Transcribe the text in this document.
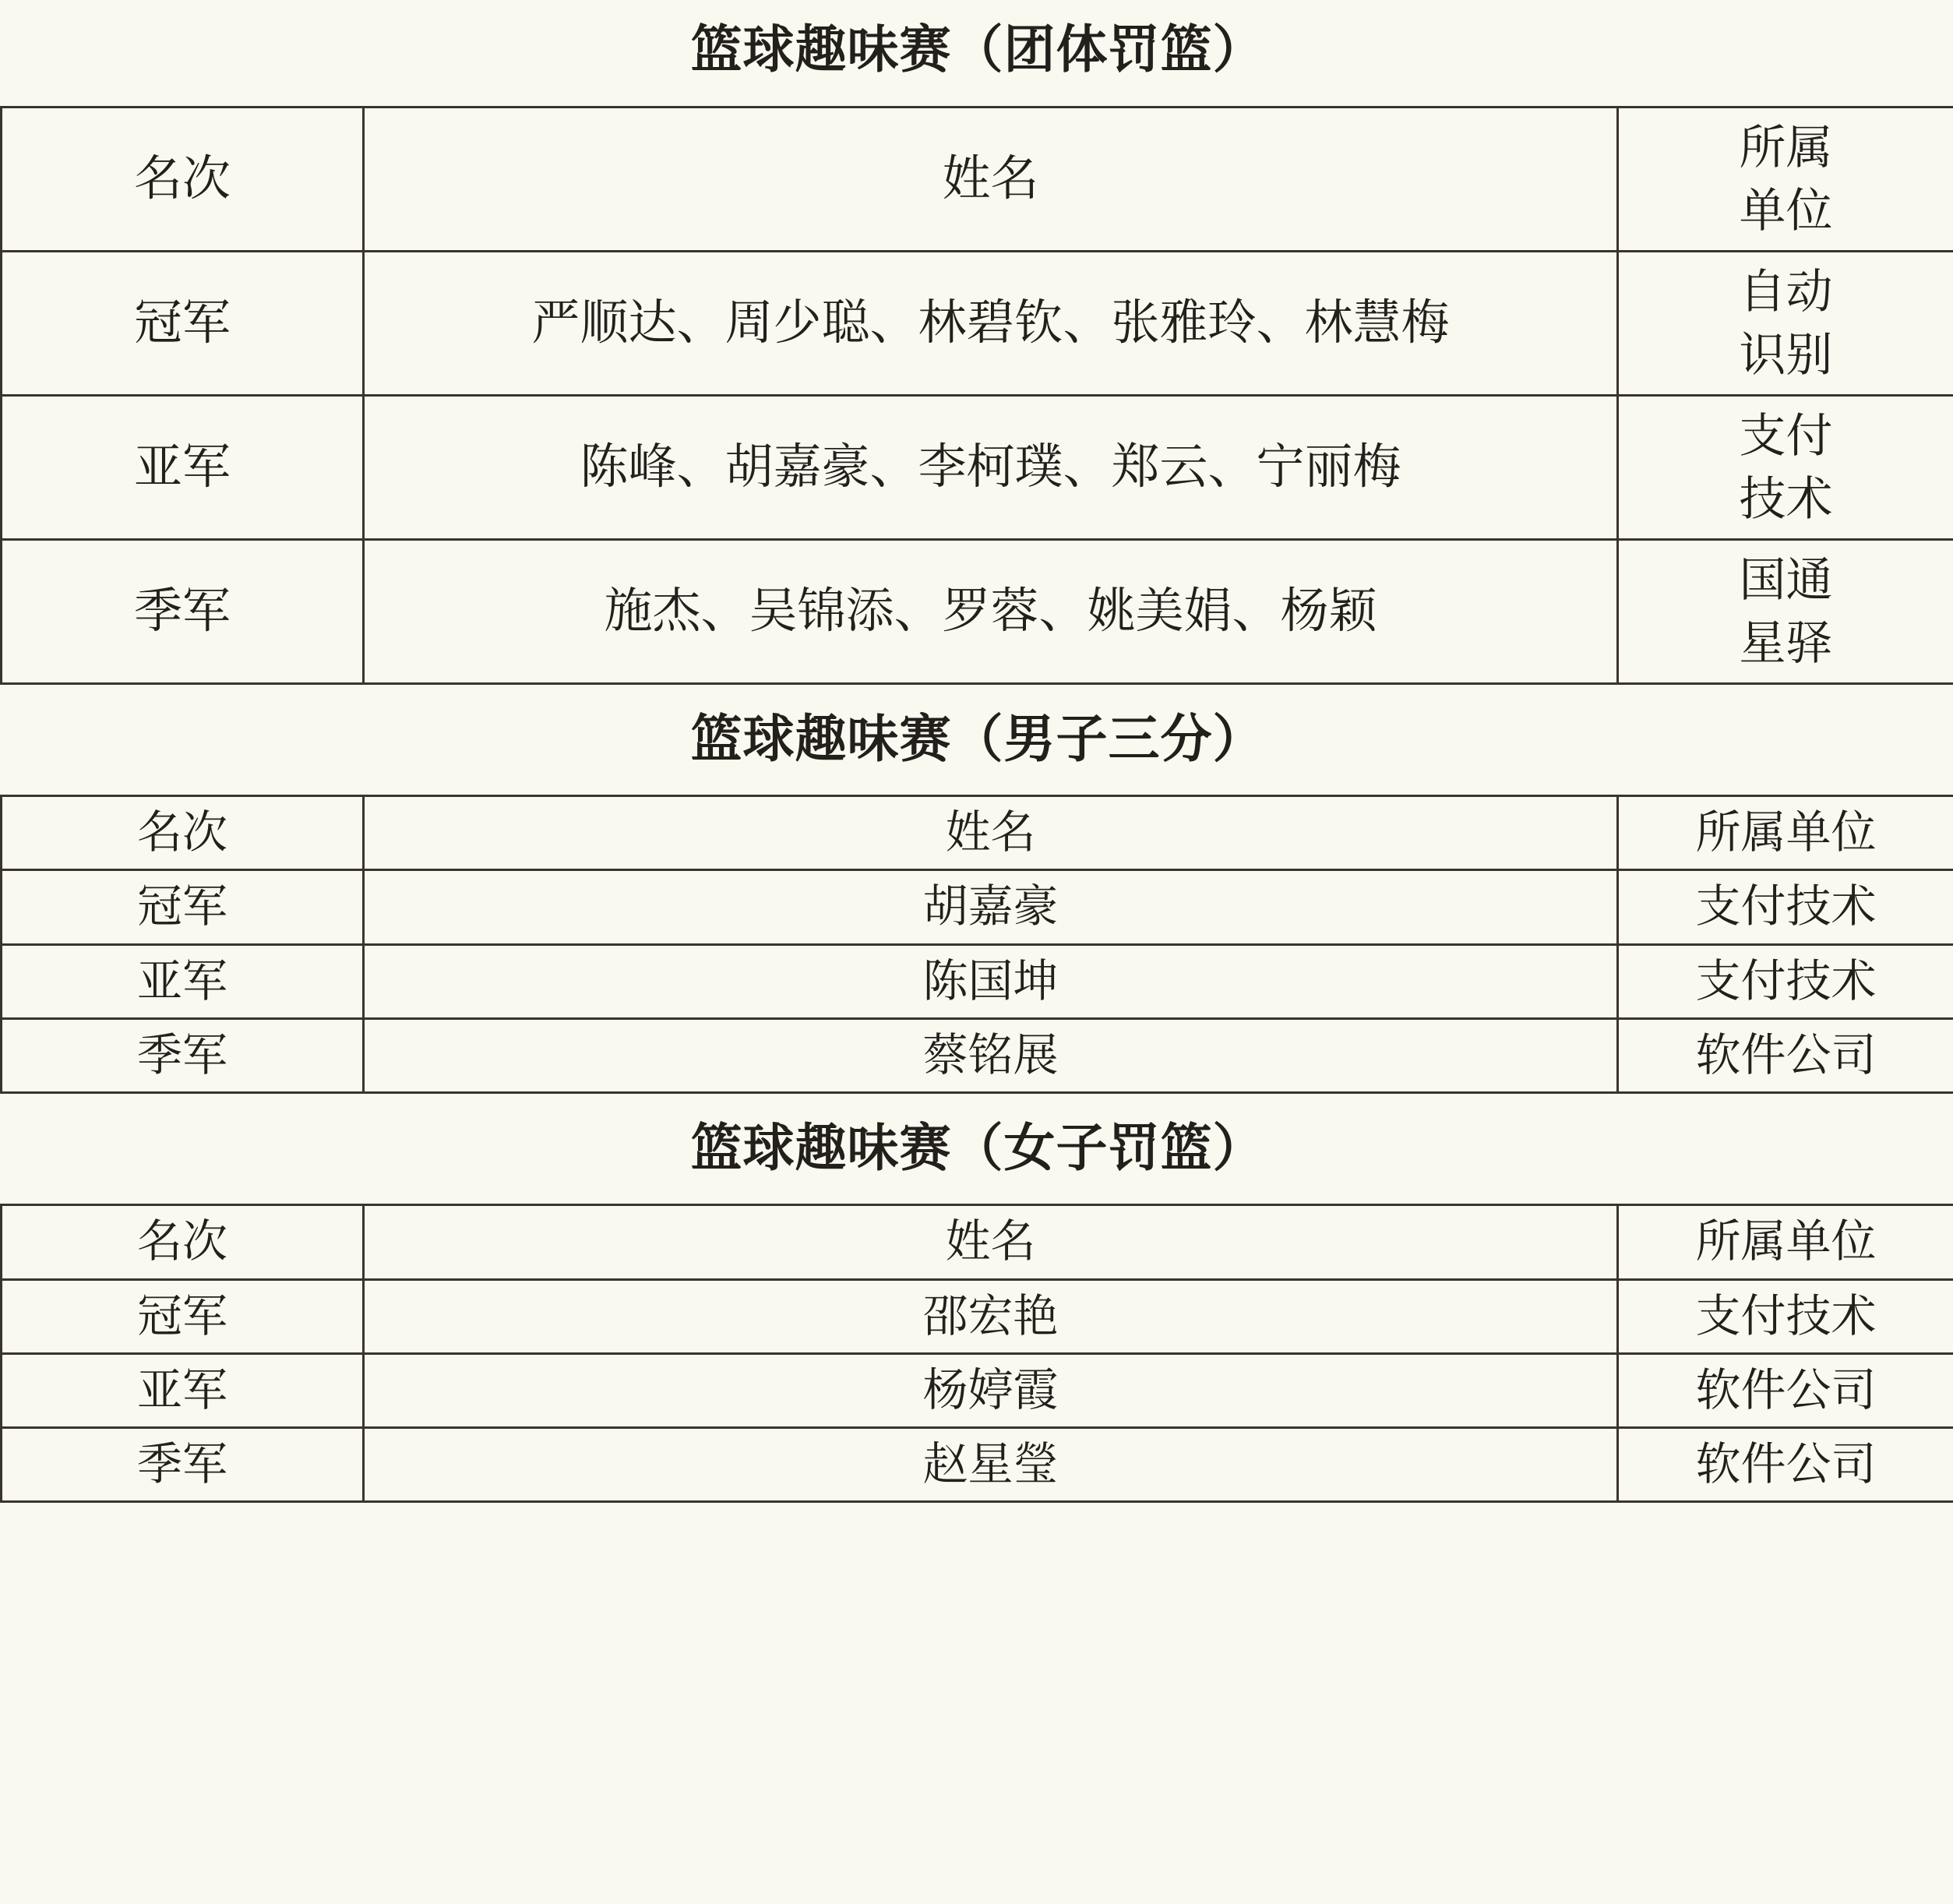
篮球趣味赛（团体罚篮）		
名次	姓名	所属
单位

冠军	严顺达、周少聪、林碧钦、张雅玲、林慧梅	自动
识别

亚军	陈峰、胡嘉豪、李柯璞、郑云、宁丽梅	支付
技术

季军	施杰、吴锦添、罗蓉、姚美娟、杨颖	国通
星驿

篮球趣味赛（男子三分）		
名次	姓名	所属单位
冠军	胡嘉豪	支付技术
亚军	陈国坤	支付技术
季军	蔡铭展	软件公司
篮球趣味赛（女子罚篮）		
名次	姓名	所属单位
冠军	邵宏艳	支付技术
亚军	杨婷霞	软件公司
季军	赵星瑩	软件公司
